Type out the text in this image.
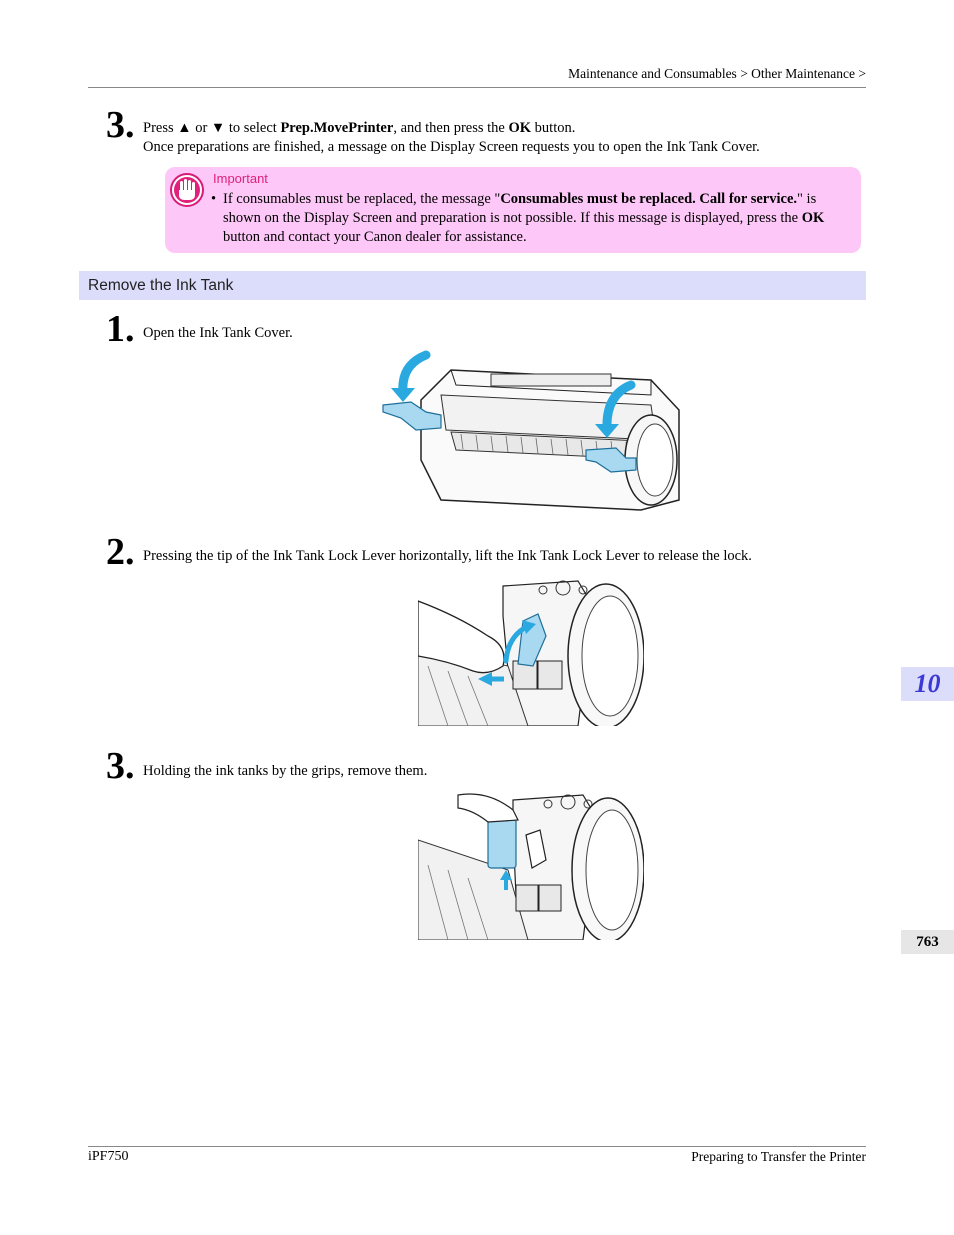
Maintenance and Consumables > Other Maintenance >
3. Press ▲ or ▼ to select Prep.MovePrinter, and then press the OK button.
Once preparations are finished, a message on the Display Screen requests you to open the Ink Tank Cover.
Important
• If consumables must be replaced, the message "Consumables must be replaced. Call for service." is shown on the Display Screen and preparation is not possible. If this message is displayed, press the OK button and contact your Canon dealer for assistance.
Remove the Ink Tank
1. Open the Ink Tank Cover.
2. Pressing the tip of the Ink Tank Lock Lever horizontally, lift the Ink Tank Lock Lever to release the lock.
3. Holding the ink tanks by the grips, remove them.
10
763
iPF750	Preparing to Transfer the Printer
